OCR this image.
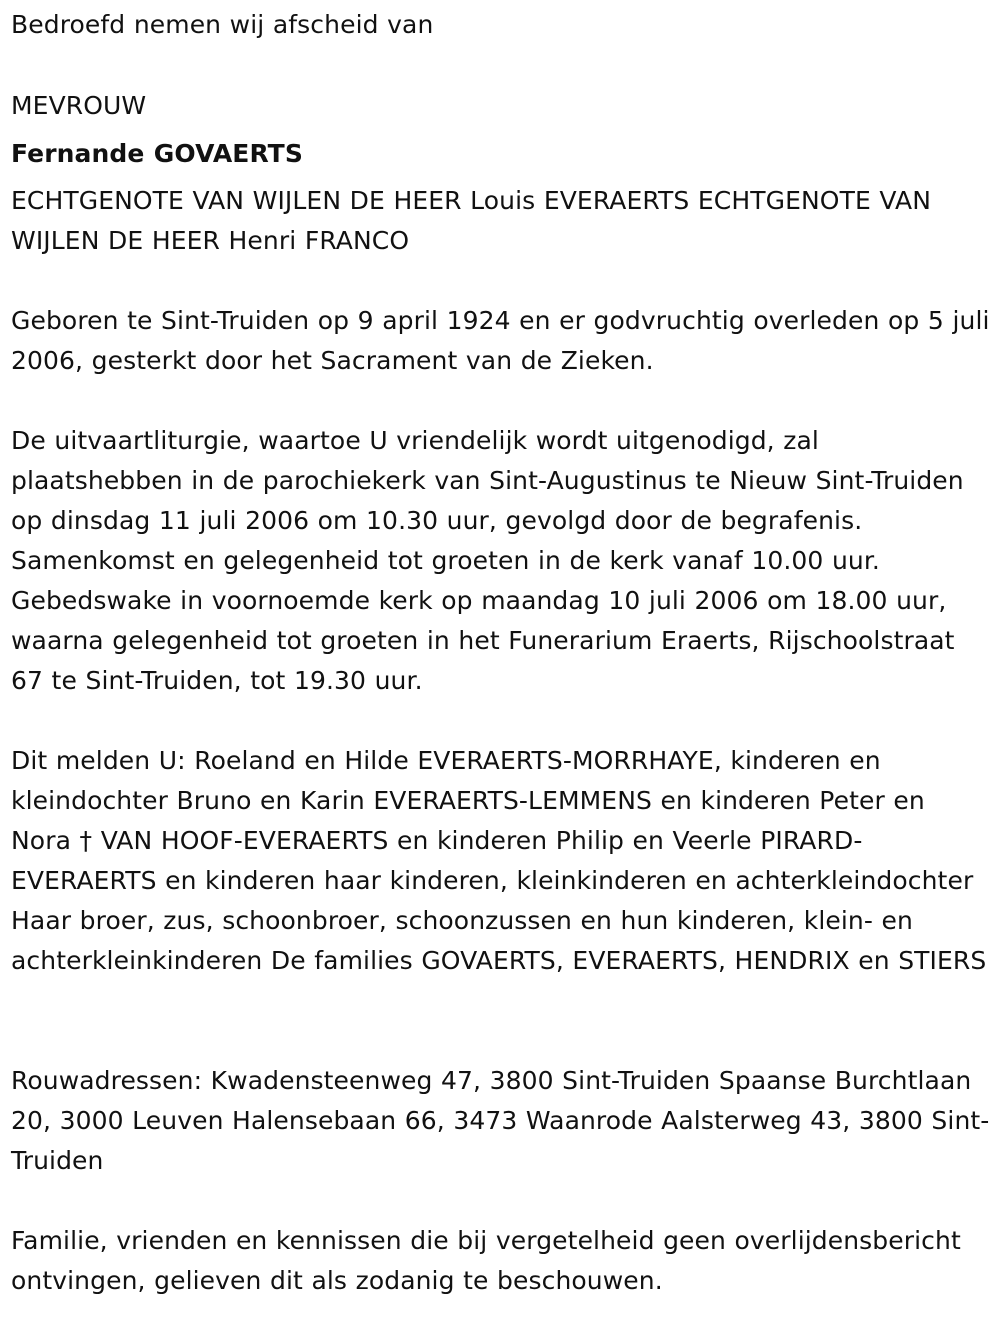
Bedroefd nemen wij afscheid van

MEVROUW

Fernande GOVAERTS

ECHTGENOTE VAN WIJLEN DE HEER Louis EVERAERTS ECHTGENOTE VAN WIJLEN DE HEER Henri FRANCO

Geboren te Sint-Truiden op 9 april 1924 en er godvruchtig overleden op 5 juli 2006, gesterkt door het Sacrament van de Zieken.

De uitvaartliturgie, waartoe U vriendelijk wordt uitgenodigd, zal plaatshebben in de parochiekerk van Sint-Augustinus te Nieuw Sint-Truiden op dinsdag 11 juli 2006 om 10.30 uur, gevolgd door de begrafenis. Samenkomst en gelegenheid tot groeten in de kerk vanaf 10.00 uur. Gebedswake in voornoemde kerk op maandag 10 juli 2006 om 18.00 uur, waarna gelegenheid tot groeten in het Funerarium Eraerts, Rijschoolstraat 67 te Sint-Truiden, tot 19.30 uur.

Dit melden U: Roeland en Hilde EVERAERTS-MORRHAYE, kinderen en kleindochter Bruno en Karin EVERAERTS-LEMMENS en kinderen Peter en Nora † VAN HOOF-EVERAERTS en kinderen Philip en Veerle PIRARD-EVERAERTS en kinderen haar kinderen, kleinkinderen en achterkleindochter Haar broer, zus, schoonbroer, schoonzussen en hun kinderen, klein- en achterkleinkinderen De families GOVAERTS, EVERAERTS, HENDRIX en STIERS

Rouwadressen: Kwadensteenweg 47, 3800 Sint-Truiden Spaanse Burchtlaan 20, 3000 Leuven Halensebaan 66, 3473 Waanrode Aalsterweg 43, 3800 Sint-Truiden

Familie, vrienden en kennissen die bij vergetelheid geen overlijdensbericht ontvingen, gelieven dit als zodanig te beschouwen.
